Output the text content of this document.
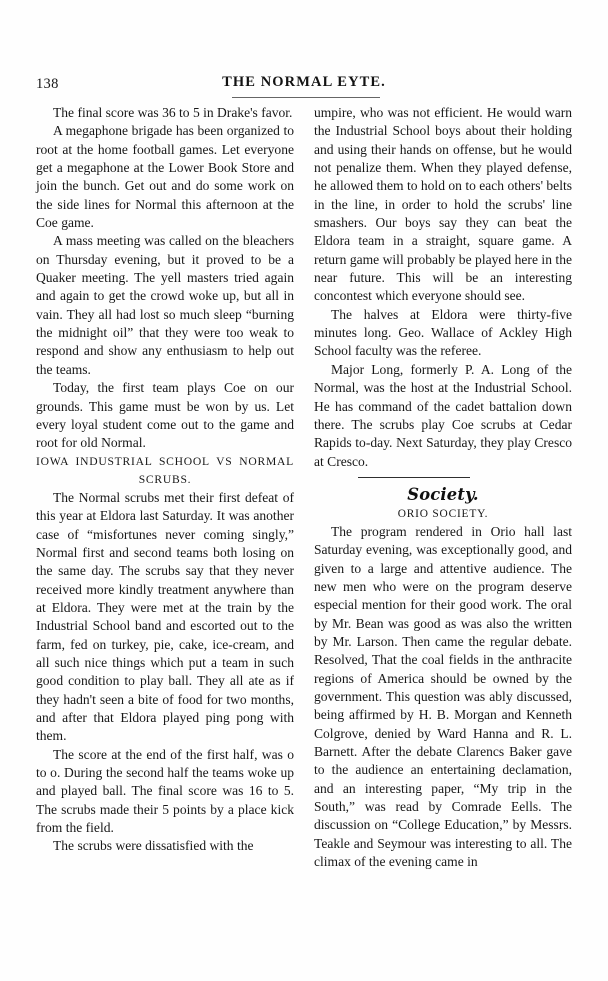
138	THE NORMAL EYTE.

The final score was 36 to 5 in Drake's favor.

A megaphone brigade has been organized to root at the home football games. Let everyone get a megaphone at the Lower Book Store and join the bunch. Get out and do some work on the side lines for Normal this afternoon at the Coe game.

A mass meeting was called on the bleachers on Thursday evening, but it proved to be a Quaker meeting. The yell masters tried again and again to get the crowd woke up, but all in vain. They all had lost so much sleep “burning the midnight oil” that they were too weak to respond and show any enthusiasm to help out the teams.

Today, the first team plays Coe on our grounds. This game must be won by us. Let every loyal student come out to the game and root for old Normal.

IOWA INDUSTRIAL SCHOOL VS NORMAL

SCRUBS.

The Normal scrubs met their first defeat of this year at Eldora last Saturday. It was another case of “misfortunes never coming singly,” Normal first and second teams both losing on the same day. The scrubs say that they never received more kindly treatment anywhere than at Eldora. They were met at the train by the Industrial School band and escorted out to the farm, fed on turkey, pie, cake, ice-cream, and all such nice things which put a team in such good condition to play ball. They all ate as if they hadn't seen a bite of food for two months, and after that Eldora played ping pong with them.

The score at the end of the first half, was o to o. During the second half the teams woke up and played ball. The final score was 16 to 5. The scrubs made their 5 points by a place kick from the field.

The scrubs were dissatisfied with the

umpire, who was not efficient. He would warn the Industrial School boys about their holding and using their hands on offense, but he would not penalize them. When they played defense, he allowed them to hold on to each others' belts in the line, in order to hold the scrubs' line smashers. Our boys say they can beat the Eldora team in a straight, square game. A return game will probably be played here in the near future. This will be an interesting concontest which everyone should see.

The halves at Eldora were thirty-five minutes long. Geo. Wallace of Ackley High School faculty was the referee.

Major Long, formerly P. A. Long of the Normal, was the host at the Industrial School. He has command of the cadet battalion down there. The scrubs play Coe scrubs at Cedar Rapids to-day. Next Saturday, they play Cresco at Cresco.

Society.

ORIO SOCIETY.

The program rendered in Orio hall last Saturday evening, was exceptionally good, and given to a large and attentive audience. The new men who were on the program deserve especial mention for their good work. The oral by Mr. Bean was good as was also the written by Mr. Larson. Then came the regular debate. Resolved, That the coal fields in the anthracite regions of America should be owned by the government. This question was ably discussed, being affirmed by H. B. Morgan and Kenneth Colgrove, denied by Ward Hanna and R. L. Barnett. After the debate Clarencs Baker gave to the audience an entertaining declamation, and an interesting paper, “My trip in the South,” was read by Comrade Eells. The discussion on “College Education,” by Messrs. Teakle and Seymour was interesting to all. The climax of the evening came in
